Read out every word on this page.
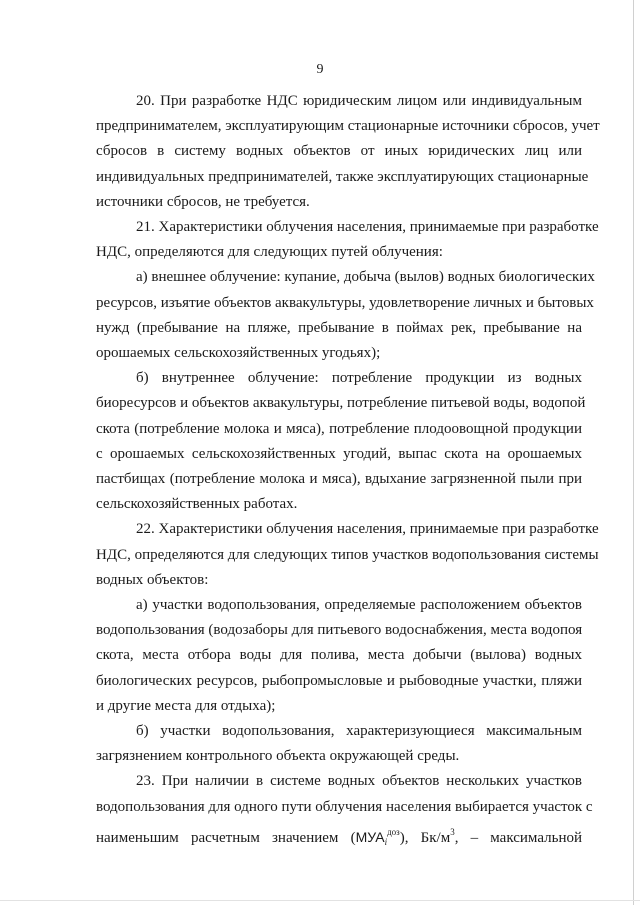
9

20. При разработке НДС юридическим лицом или индивидуальным
предпринимателем, эксплуатирующим стационарные источники сбросов, учет
сбросов в систему водных объектов от иных юридических лиц или
индивидуальных предпринимателей, также эксплуатирующих стационарные
источники сбросов, не требуется.

21. Характеристики облучения населения, принимаемые при разработке
НДС, определяются для следующих путей облучения:

а) внешнее облучение: купание, добыча (вылов) водных биологических
ресурсов, изъятие объектов аквакультуры, удовлетворение личных и бытовых
нужд (пребывание на пляже, пребывание в поймах рек, пребывание на
орошаемых сельскохозяйственных угодьях);

б) внутреннее облучение: потребление продукции из водных
биоресурсов и объектов аквакультуры, потребление питьевой воды, водопой
скота (потребление молока и мяса), потребление плодоовощной продукции
с орошаемых сельскохозяйственных угодий, выпас скота на орошаемых
пастбищах (потребление молока и мяса), вдыхание загрязненной пыли при
сельскохозяйственных работах.

22. Характеристики облучения населения, принимаемые при разработке
НДС, определяются для следующих типов участков водопользования системы
водных объектов:

а) участки водопользования, определяемые расположением объектов
водопользования (водозаборы для питьевого водоснабжения, места водопоя
скота, места отбора воды для полива, места добычи (вылова) водных
биологических ресурсов, рыбопромысловые и рыбоводные участки, пляжи
и другие места для отдыха);

б) участки водопользования, характеризующиеся максимальным
загрязнением контрольного объекта окружающей среды.

23. При наличии в системе водных объектов нескольких участков
водопользования для одного пути облучения населения выбирается участок с
наименьшим расчетным значением $(МУА_i^{доз})$, $Бк/м^3$, – максимальной
